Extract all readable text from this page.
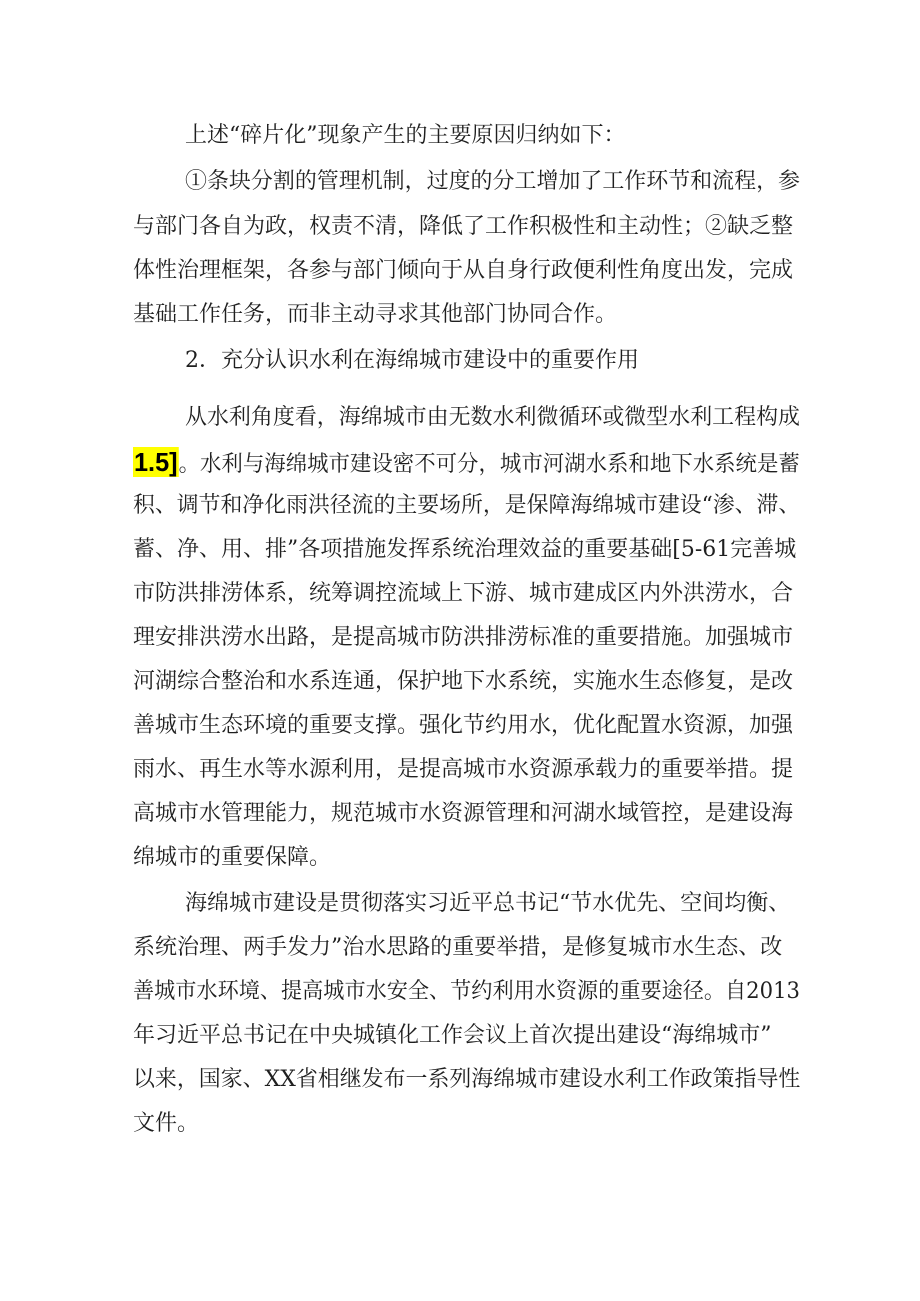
上述“碎片化”现象产生的主要原因归纳如下：

①条块分割的管理机制，过度的分工增加了工作环节和流程，参

与部门各自为政，权责不清，降低了工作积极性和主动性；②缺乏整

体性治理框架，各参与部门倾向于从自身行政便利性角度出发，完成

基础工作任务，而非主动寻求其他部门协同合作。

2．充分认识水利在海绵城市建设中的重要作用

从水利角度看，海绵城市由无数水利微循环或微型水利工程构成

1.5]。水利与海绵城市建设密不可分，城市河湖水系和地下水系统是蓄

积、调节和净化雨洪径流的主要场所，是保障海绵城市建设“渗、滞、

蓄、净、用、排”各项措施发挥系统治理效益的重要基础[5-61完善城

市防洪排涝体系，统筹调控流域上下游、城市建成区内外洪涝水，合

理安排洪涝水出路，是提高城市防洪排涝标准的重要措施。加强城市

河湖综合整治和水系连通，保护地下水系统，实施水生态修复，是改

善城市生态环境的重要支撑。强化节约用水，优化配置水资源，加强

雨水、再生水等水源利用，是提高城市水资源承载力的重要举措。提

高城市水管理能力，规范城市水资源管理和河湖水域管控，是建设海

绵城市的重要保障。

海绵城市建设是贯彻落实习近平总书记“节水优先、空间均衡、

系统治理、两手发力”治水思路的重要举措，是修复城市水生态、改

善城市水环境、提高城市水安全、节约利用水资源的重要途径。自2013

年习近平总书记在中央城镇化工作会议上首次提出建设“海绵城市”

以来，国家、XX省相继发布一系列海绵城市建设水利工作政策指导性

文件。
